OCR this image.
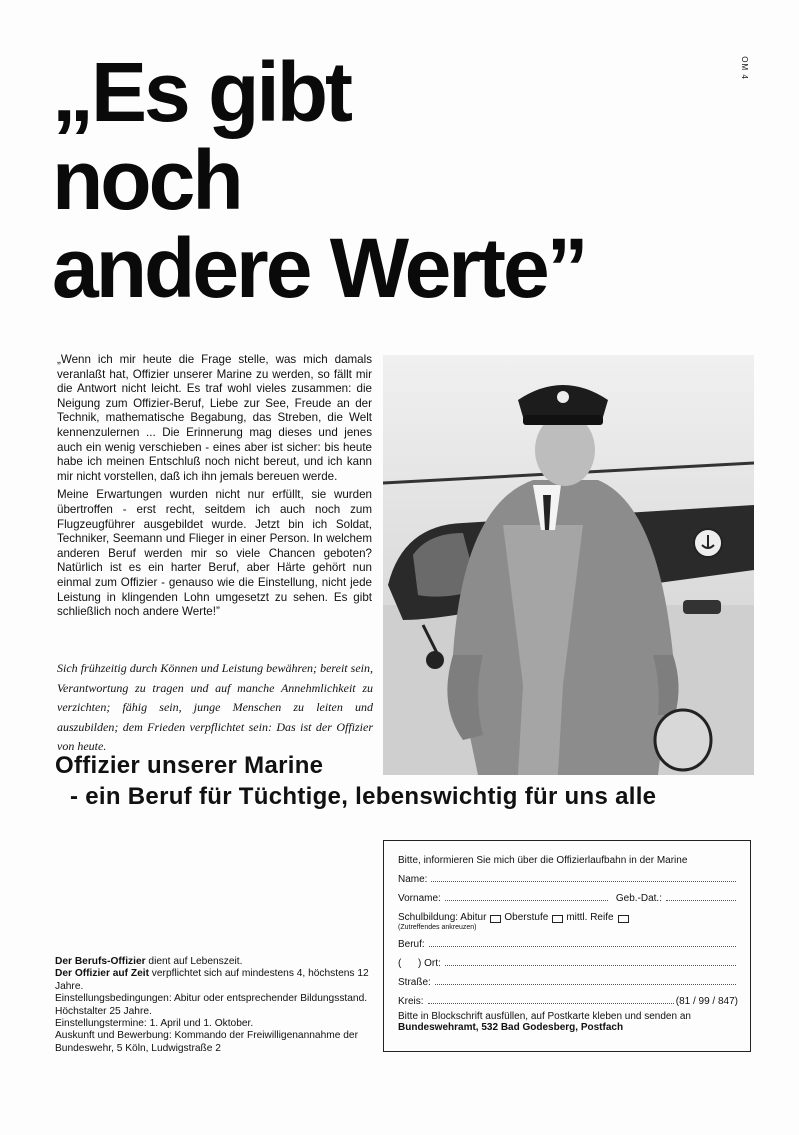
OM 4
„Es gibt
noch
andere Werte”

„Wenn ich mir heute die Frage stelle, was mich damals veranlaßt hat, Offizier unserer Marine zu werden, so fällt mir die Antwort nicht leicht. Es traf wohl vieles zusammen: die Neigung zum Offizier-Beruf, Liebe zur See, Freude an der Technik, mathematische Begabung, das Streben, die Welt kennenzulernen ... Die Erinnerung mag dieses und jenes auch ein wenig verschieben - eines aber ist sicher: bis heute habe ich meinen Entschluß noch nicht bereut, und ich kann mir nicht vorstellen, daß ich ihn jemals bereuen werde.

Meine Erwartungen wurden nicht nur erfüllt, sie wurden übertroffen - erst recht, seitdem ich auch noch zum Flugzeugführer ausgebildet wurde. Jetzt bin ich Soldat, Techniker, Seemann und Flieger in einer Person. In welchem anderen Beruf werden mir so viele Chancen geboten? Natürlich ist es ein harter Beruf, aber Härte gehört nun einmal zum Offizier - genauso wie die Einstellung, nicht jede Leistung in klingenden Lohn umgesetzt zu sehen. Es gibt schließlich noch andere Werte!”

Sich frühzeitig durch Können und Leistung bewähren; bereit sein, Verantwortung zu tragen und auf manche Annehmlichkeit zu verzichten; fähig sein, junge Menschen zu leiten und auszubilden; dem Frieden verpflichtet sein: Das ist der Offizier von heute.
Offizier unserer Marine
- ein Beruf für Tüchtige, lebenswichtig für uns alle
Der Berufs-Offizier dient auf Lebenszeit.
Der Offizier auf Zeit verpflichtet sich auf mindestens 4, höchstens 12 Jahre.
Einstellungsbedingungen: Abitur oder entsprechender Bildungsstand. Höchstalter 25 Jahre.
Einstellungstermine: 1. April und 1. Oktober.
Auskunft und Bewerbung: Kommando der Freiwilligenannahme der Bundeswehr, 5 Köln, Ludwigstraße 2
Bitte, informieren Sie mich über die Offizierlaufbahn in der Marine
Name:
Vorname:	Geb.-Dat.:
Schulbildung: Abitur Oberstufe mittl. Reife
(Zutreffendes ankreuzen)
Beruf:
(      ) Ort:
Straße:
Kreis:	(81 / 99 / 847)
Bitte in Blockschrift ausfüllen, auf Postkarte kleben und senden an
Bundeswehramt, 532 Bad Godesberg, Postfach
